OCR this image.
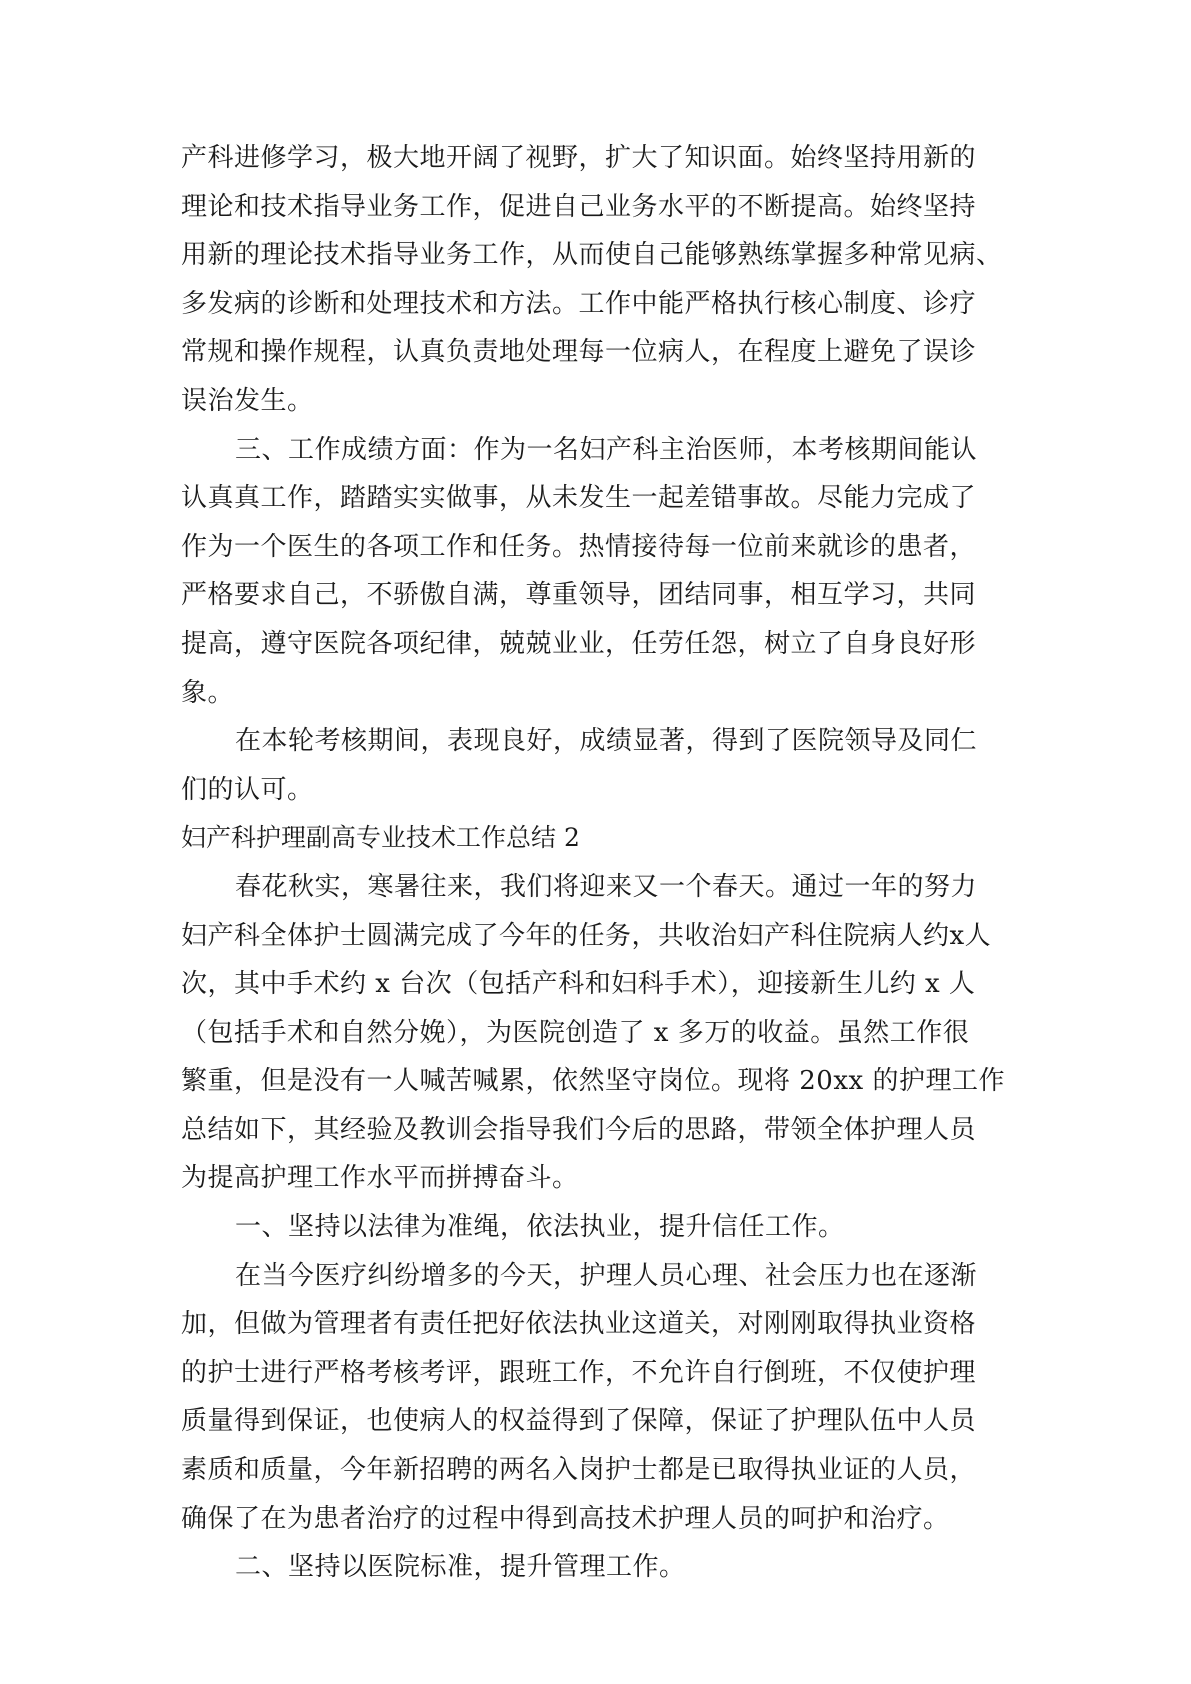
产科进修学习，极大地开阔了视野，扩大了知识面。始终坚持用新的
理论和技术指导业务工作，促进自己业务水平的不断提高。始终坚持
用新的理论技术指导业务工作，从而使自己能够熟练掌握多种常见病、
多发病的诊断和处理技术和方法。工作中能严格执行核心制度、诊疗
常规和操作规程，认真负责地处理每一位病人，在程度上避免了误诊
误治发生。
三、工作成绩方面：作为一名妇产科主治医师，本考核期间能认
认真真工作，踏踏实实做事，从未发生一起差错事故。尽能力完成了
作为一个医生的各项工作和任务。热情接待每一位前来就诊的患者，
严格要求自己，不骄傲自满，尊重领导，团结同事，相互学习，共同
提高，遵守医院各项纪律，兢兢业业，任劳任怨，树立了自身良好形
象。
在本轮考核期间，表现良好，成绩显著，得到了医院领导及同仁
们的认可。
妇产科护理副高专业技术工作总结 2
春花秋实，寒暑往来，我们将迎来又一个春天。通过一年的努力
妇产科全体护士圆满完成了今年的任务，共收治妇产科住院病人约x人
次，其中手术约 x 台次（包括产科和妇科手术），迎接新生儿约 x 人
（包括手术和自然分娩），为医院创造了 x 多万的收益。虽然工作很
繁重，但是没有一人喊苦喊累，依然坚守岗位。现将 20xx 的护理工作
总结如下，其经验及教训会指导我们今后的思路，带领全体护理人员
为提高护理工作水平而拼搏奋斗。
一、坚持以法律为准绳，依法执业，提升信任工作。
在当今医疗纠纷增多的今天，护理人员心理、社会压力也在逐渐
加，但做为管理者有责任把好依法执业这道关，对刚刚取得执业资格
的护士进行严格考核考评，跟班工作，不允许自行倒班，不仅使护理
质量得到保证，也使病人的权益得到了保障，保证了护理队伍中人员
素质和质量，今年新招聘的两名入岗护士都是已取得执业证的人员，
确保了在为患者治疗的过程中得到高技术护理人员的呵护和治疗。
二、坚持以医院标准，提升管理工作。
